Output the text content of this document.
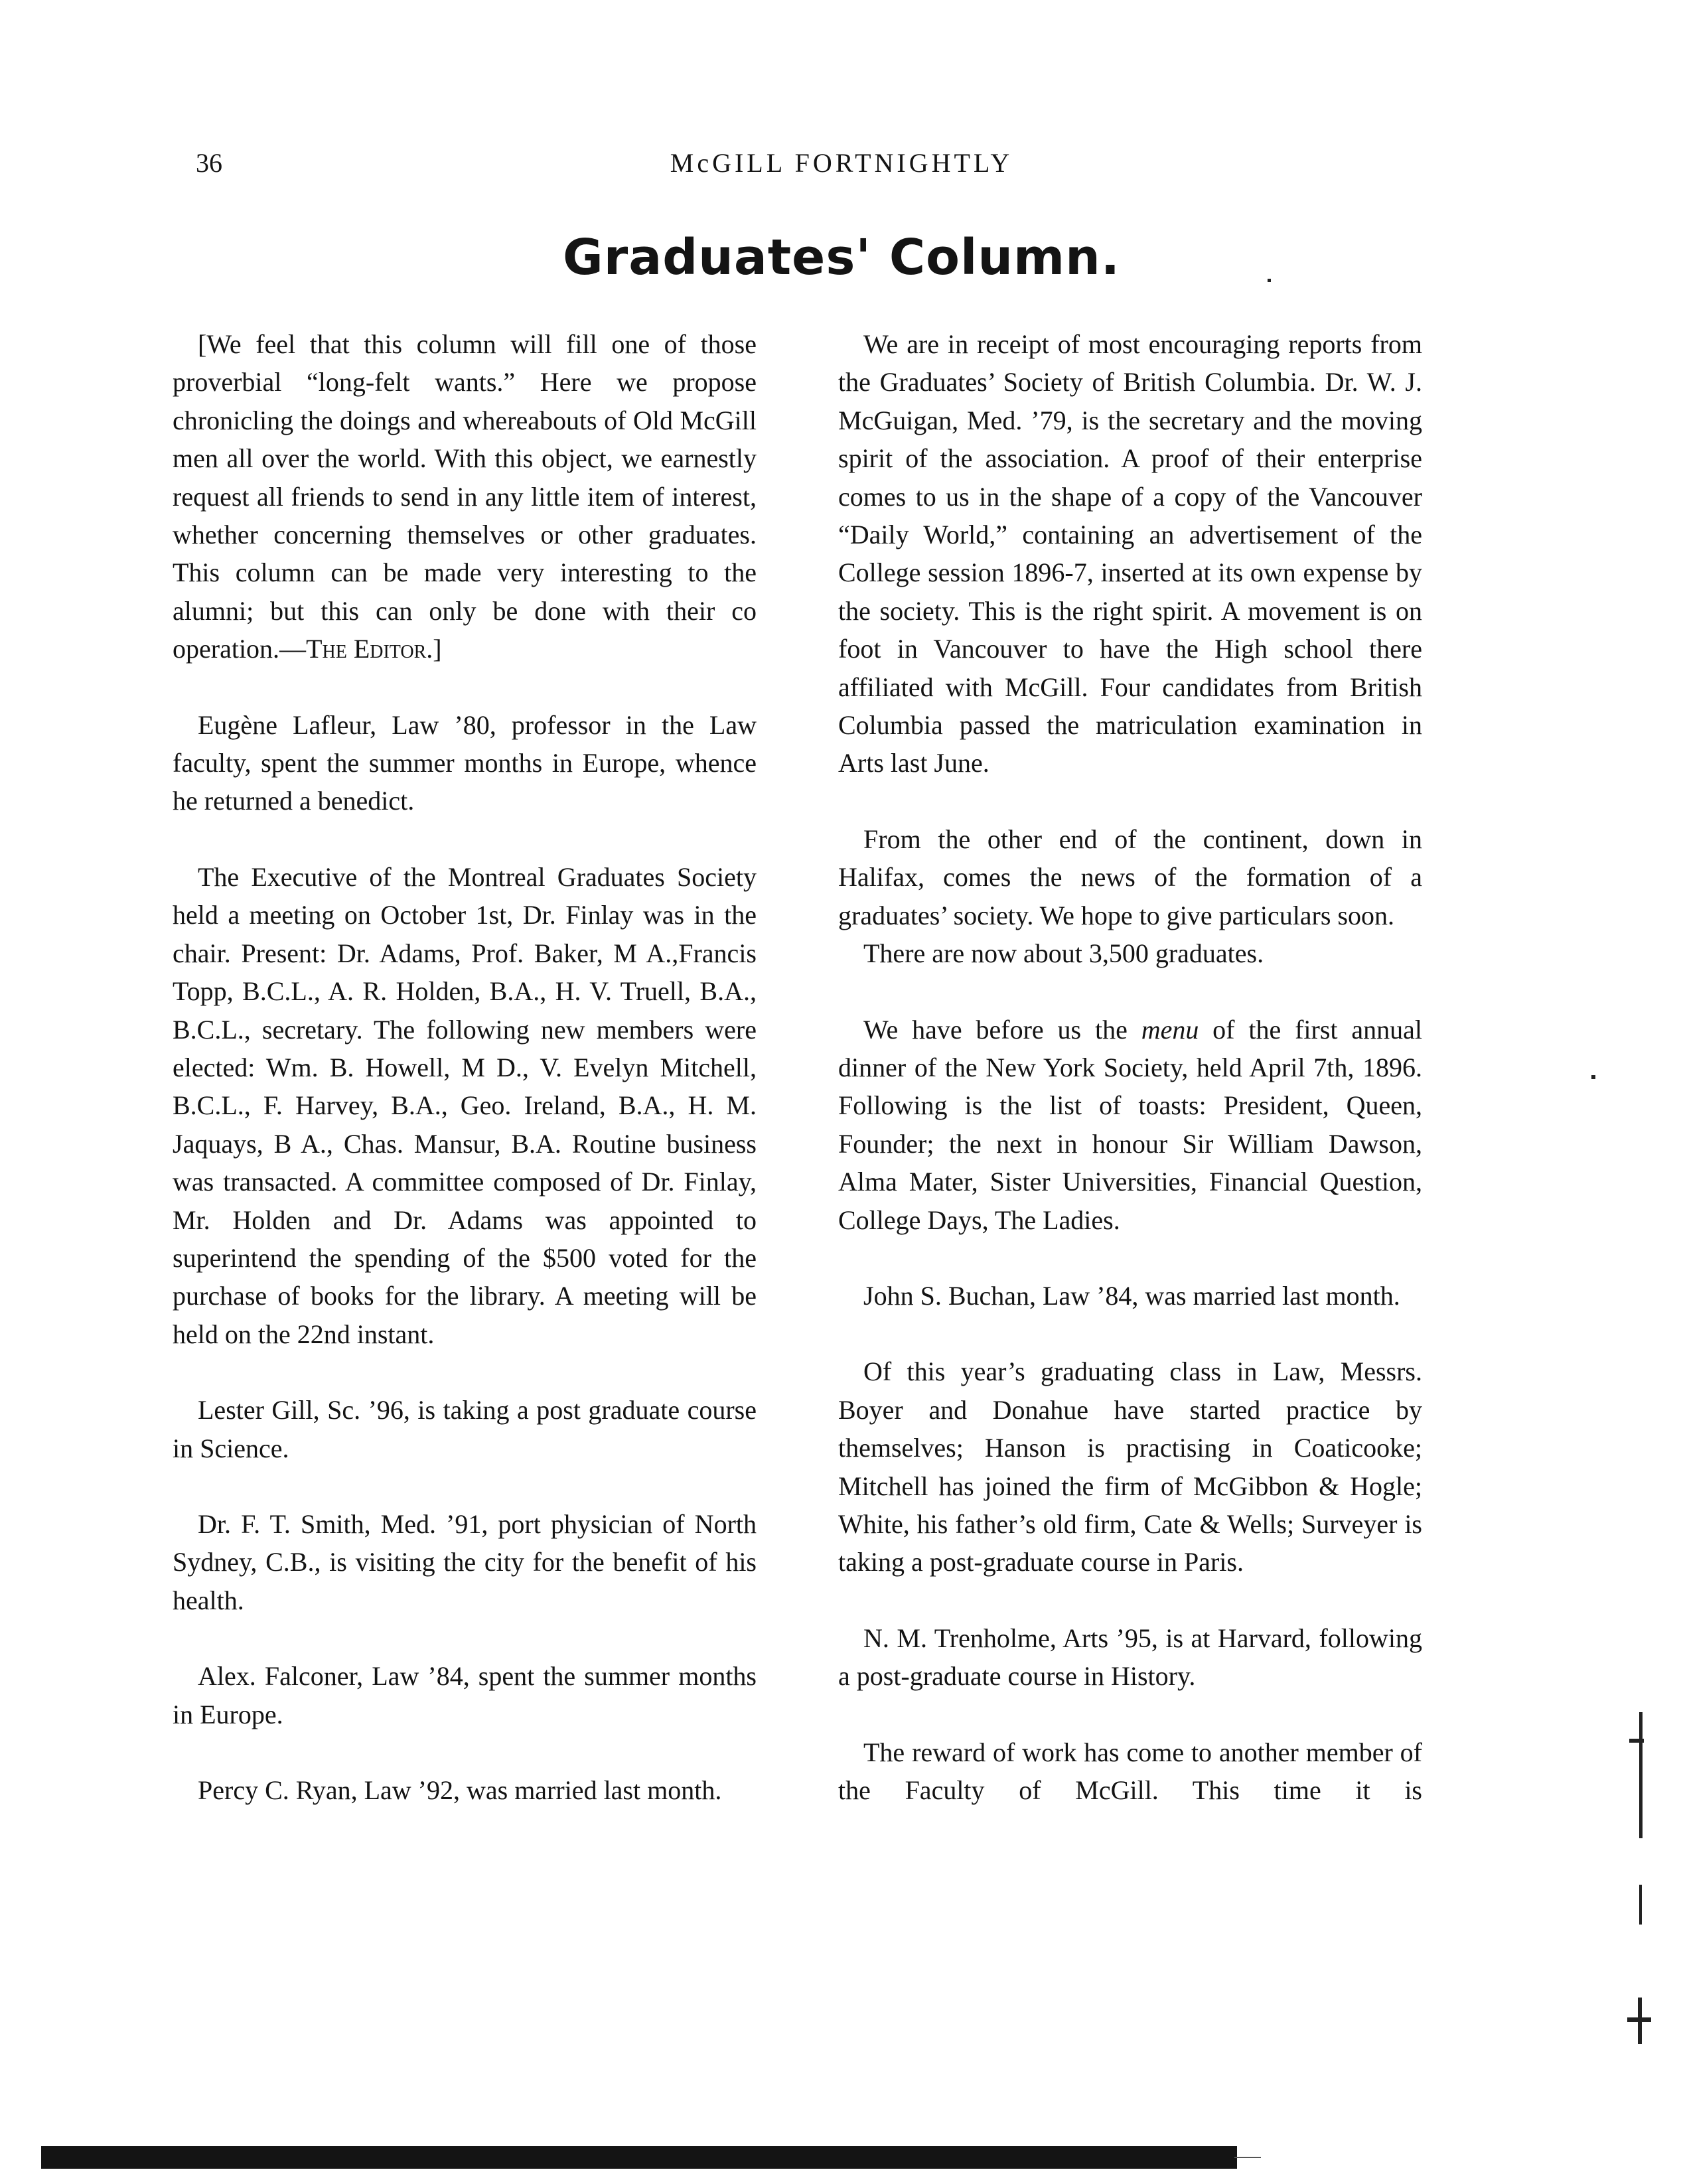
36	McGILL FORTNIGHTLY
Graduates' Column.

[We feel that this column will fill one of those proverbial “long-felt wants.” Here we propose chronicling the doings and whereabouts of Old McGill men all over the world. With this object, we earnestly request all friends to send in any little item of interest, whether concerning themselves or other graduates. This column can be made very interesting to the alumni; but this can only be done with their co operation.—The Editor.]

Eugène Lafleur, Law ’80, professor in the Law faculty, spent the summer months in Europe, whence he returned a benedict.

The Executive of the Montreal Graduates Society held a meeting on October 1st, Dr. Finlay was in the chair. Present: Dr. Adams, Prof. Baker, M A.,Francis Topp, B.C.L., A. R. Holden, B.A., H. V. Truell, B.A., B.C.L., secretary. The following new members were elected: Wm. B. Howell, M D., V. Evelyn Mitchell, B.C.L., F. Harvey, B.A., Geo. Ireland, B.A., H. M. Jaquays, B A., Chas. Mansur, B.A. Routine business was transacted. A committee composed of Dr. Finlay, Mr. Holden and Dr. Adams was appointed to superintend the spending of the $500 voted for the purchase of books for the library. A meeting will be held on the 22nd instant.

Lester Gill, Sc. ’96, is taking a post graduate course in Science.

Dr. F. T. Smith, Med. ’91, port physician of North Sydney, C.B., is visiting the city for the benefit of his health.

Alex. Falconer, Law ’84, spent the summer months in Europe.

Percy C. Ryan, Law ’92, was married last month.

We are in receipt of most encouraging reports from the Graduates’ Society of British Columbia. Dr. W. J. McGuigan, Med. ’79, is the secretary and the moving spirit of the association. A proof of their enterprise comes to us in the shape of a copy of the Vancouver “Daily World,” containing an advertisement of the College session 1896-7, inserted at its own expense by the society. This is the right spirit. A movement is on foot in Vancouver to have the High school there affiliated with McGill. Four candidates from British Columbia passed the matriculation examination in Arts last June.

From the other end of the continent, down in Halifax, comes the news of the formation of a graduates’ society. We hope to give particulars soon.

There are now about 3,500 graduates.

We have before us the menu of the first annual dinner of the New York Society, held April 7th, 1896. Following is the list of toasts: President, Queen, Founder; the next in honour Sir William Dawson, Alma Mater, Sister Universities, Financial Question, College Days, The Ladies.

John S. Buchan, Law ’84, was married last month.

Of this year’s graduating class in Law, Messrs. Boyer and Donahue have started practice by themselves; Hanson is practising in Coaticooke; Mitchell has joined the firm of McGibbon & Hogle; White, his father’s old firm, Cate & Wells; Surveyer is taking a post-graduate course in Paris.

N. M. Trenholme, Arts ’95, is at Harvard, following a post-graduate course in History.

The reward of work has come to another member of the Faculty of McGill. This time it is
